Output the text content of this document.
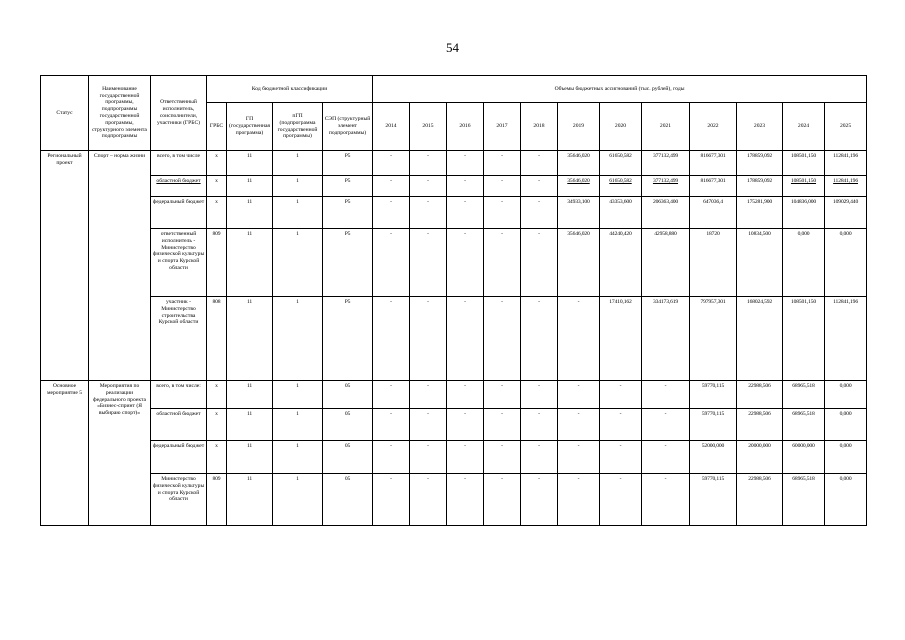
54
Статус	Наименование государственной программы, подпрограммы государственной программы, структурного элемента подпрограммы	Ответственный исполнитель, соисполнители, участники (ГРБС)	Код бюджетной классификации				Объемы бюджетных ассигнований (тыс. рублей), годы											
			ГРБС	ГП (государственная программа)	пГП (подпрограмма государственной программы)	СЭП (структурный элемент подпрограммы)	2014	2015	2016	2017	2018	2019	2020	2021	2022	2023	2024	2025
Региональный проект	Спорт – норма жизни	всего, в том числе	х	11	1	Р5	-	-	-	-	-	35646,020	61650,582	377132,499	816677,301	178859,092	108501,150	112841,196
		областной бюджет	х	11	1	Р5	-	-	-	-	-	35646,020	61650,582	377132,499	816677,301	178859,092	108501,150	112841,196
		федеральный бюджет	х	11	1	Р5	-	-	-	-	-	34933,100	43353,600	206363,400	647036,4	175281,900	104836,000	109029,440
		ответственный исполнитель - Министерство физической культуры и спорта Курской области	809	11	1	Р5	-	-	-	-	-	35646,020	44240,420	42958,880	18720	10834,500	0,000	0,000
		участник - Министерство строительства Курской области	808	11	1	Р5	-	-	-	-	-	-	17410,162	334173,619	797957,301	168024,592	108501,150	112841,196
Основное мероприятие 5	Мероприятия по реализации федерального проекта «Бизнес-спринт (Я выбираю спорт)»	всего, в том числе:	х	11	1	05	-	-	-	-	-	-	-	-	59770,115	22988,506	68965,518	0,000
		областной бюджет	х	11	1	05	-	-	-	-	-	-	-	-	59770,115	22988,506	68965,518	0,000
		федеральный бюджет	х	11	1	05	-	-	-	-	-	-	-	-	52000,000	20000,000	60000,000	0,000
		Министерство физической культуры и спорта Курской области	809	11	1	05	-	-	-	-	-	-	-	-	59770,115	22988,506	68965,518	0,000
